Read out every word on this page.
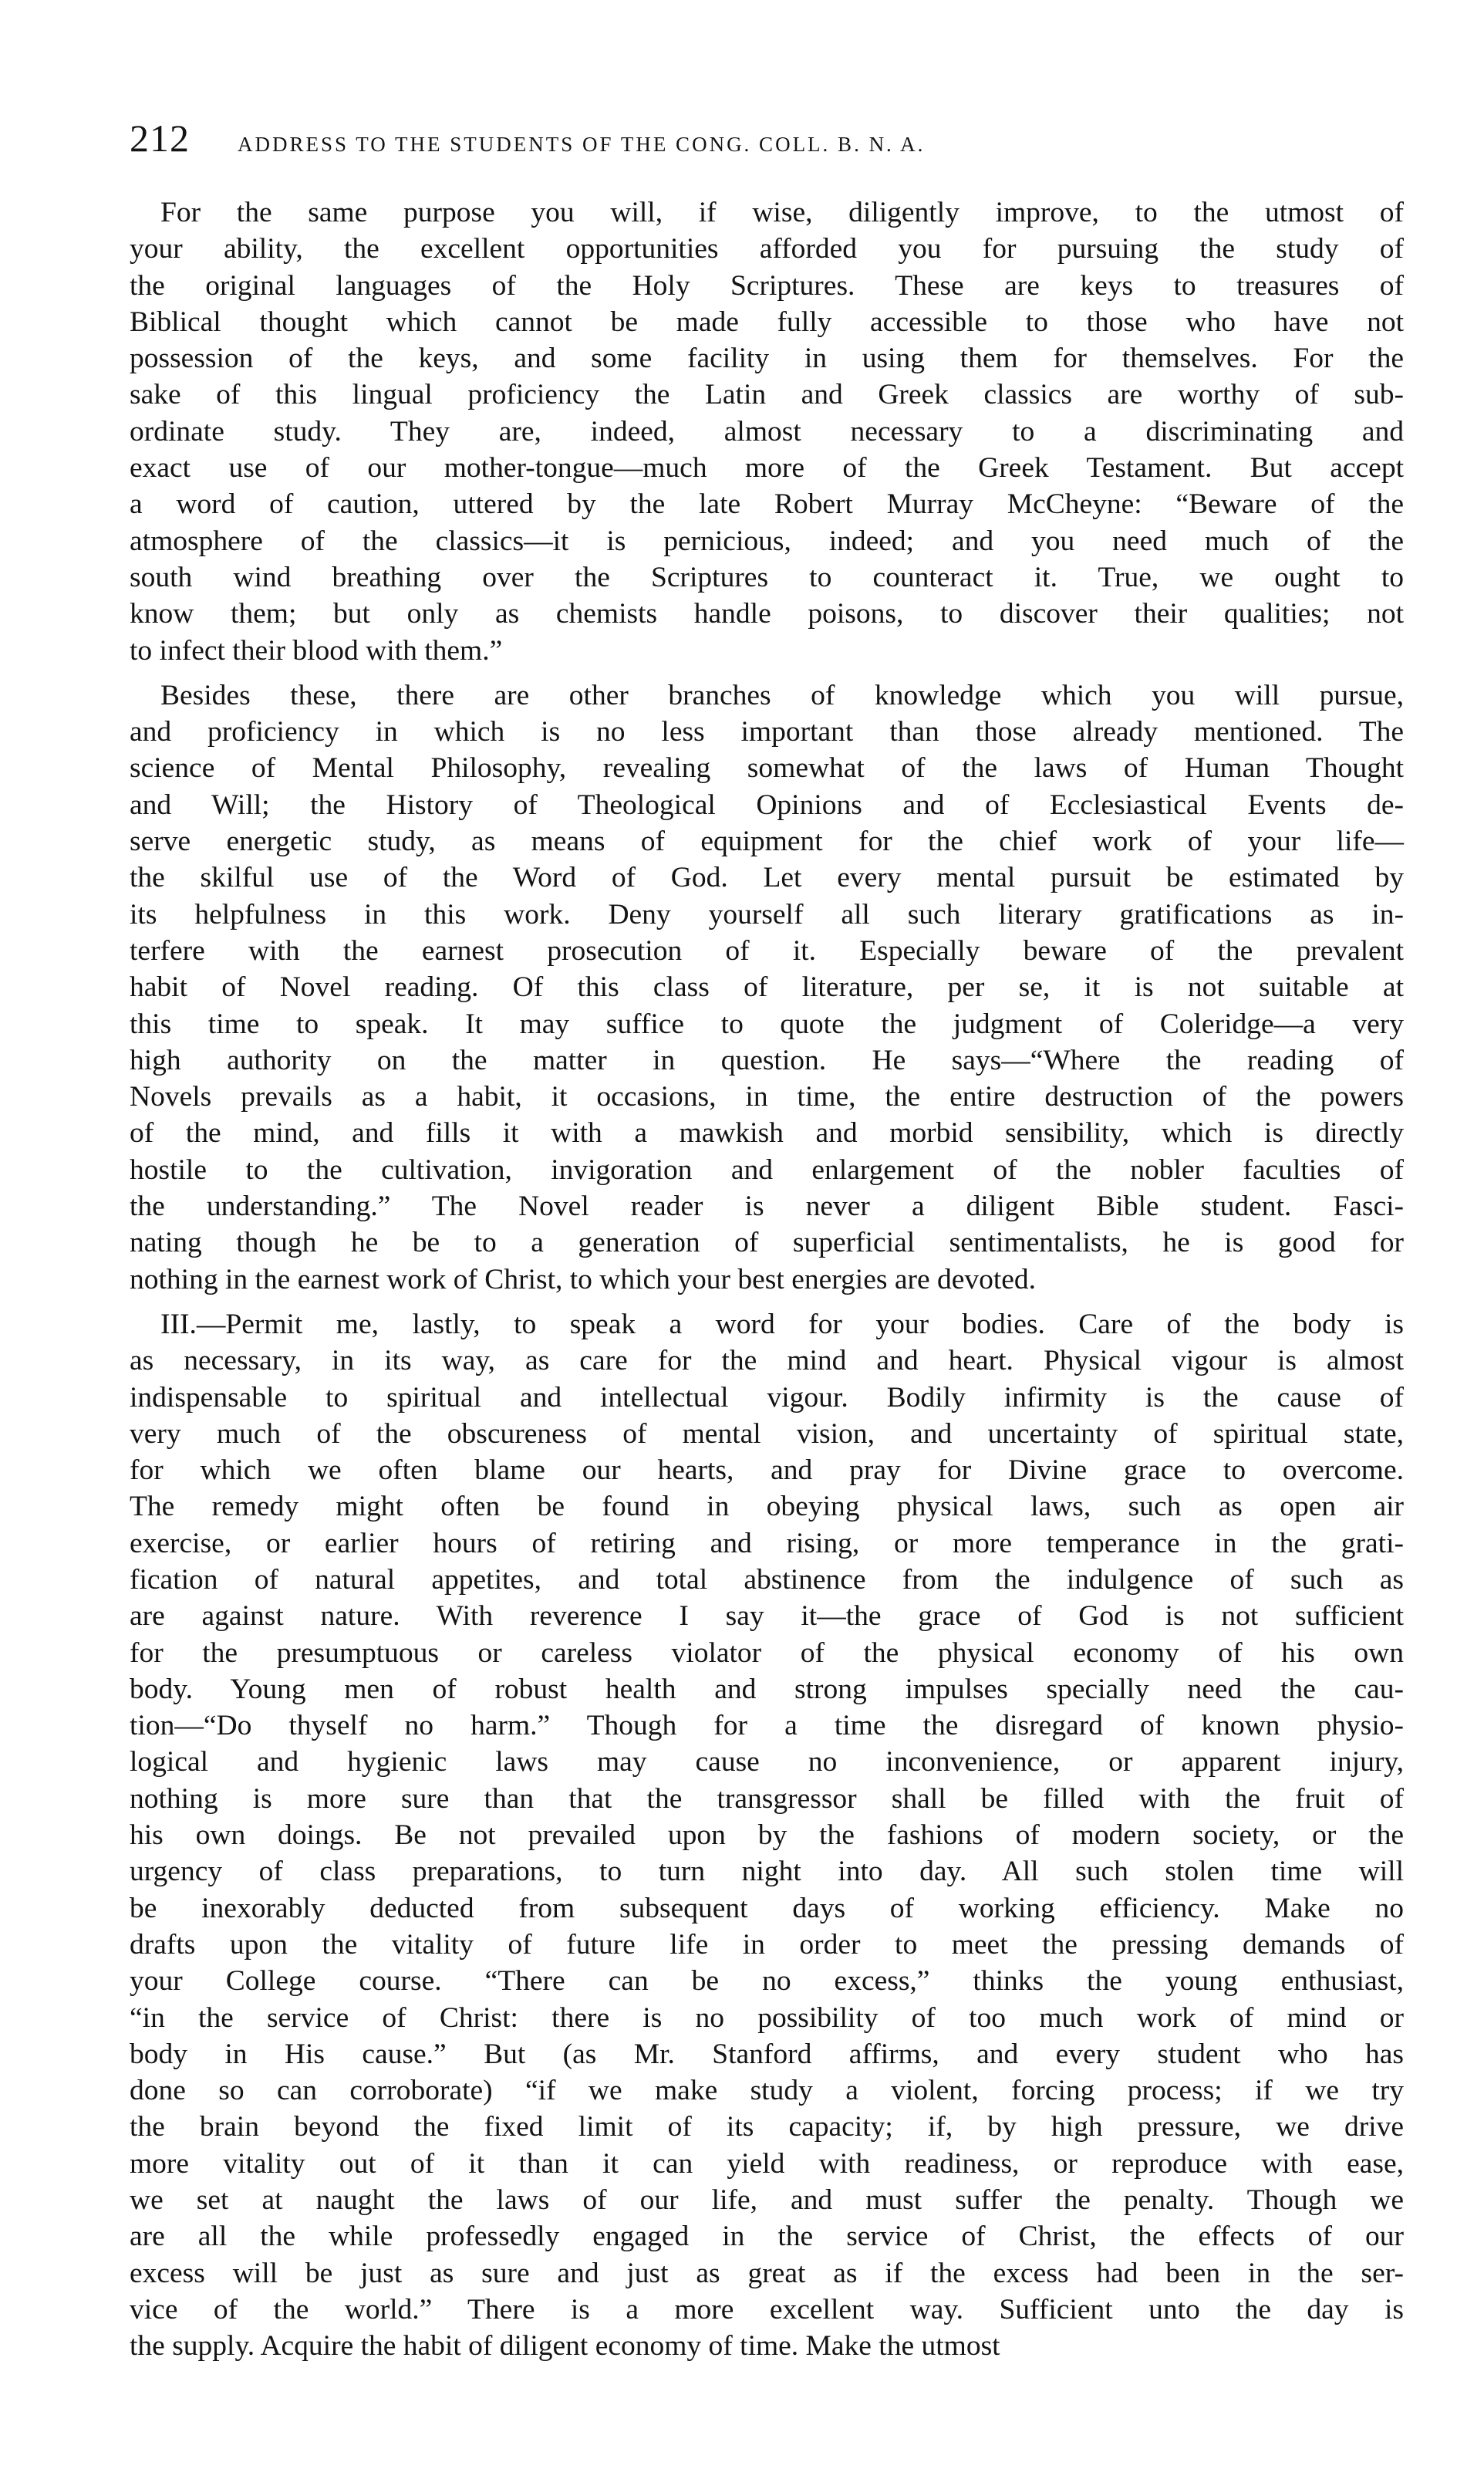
212 ADDRESS TO THE STUDENTS OF THE CONG. COLL. B. N. A.

For the same purpose you will, if wise, diligently improve, to the utmost of
your ability, the excellent opportunities afforded you for pursuing the study of
the original languages of the Holy Scriptures. These are keys to treasures of
Biblical thought which cannot be made fully accessible to those who have not
possession of the keys, and some facility in using them for themselves. For the
sake of this lingual proficiency the Latin and Greek classics are worthy of sub-
ordinate study. They are, indeed, almost necessary to a discriminating and
exact use of our mother-tongue—much more of the Greek Testament. But accept
a word of caution, uttered by the late Robert Murray McCheyne: “Beware of the
atmosphere of the classics—it is pernicious, indeed; and you need much of the
south wind breathing over the Scriptures to counteract it. True, we ought to
know them; but only as chemists handle poisons, to discover their qualities; not
to infect their blood with them.”

Besides these, there are other branches of knowledge which you will pursue,
and proficiency in which is no less important than those already mentioned. The
science of Mental Philosophy, revealing somewhat of the laws of Human Thought
and Will; the History of Theological Opinions and of Ecclesiastical Events de-
serve energetic study, as means of equipment for the chief work of your life—
the skilful use of the Word of God. Let every mental pursuit be estimated by
its helpfulness in this work. Deny yourself all such literary gratifications as in-
terfere with the earnest prosecution of it. Especially beware of the prevalent
habit of Novel reading. Of this class of literature, per se, it is not suitable at
this time to speak. It may suffice to quote the judgment of Coleridge—a very
high authority on the matter in question. He says—“Where the reading of
Novels prevails as a habit, it occasions, in time, the entire destruction of the powers
of the mind, and fills it with a mawkish and morbid sensibility, which is directly
hostile to the cultivation, invigoration and enlargement of the nobler faculties of
the understanding.” The Novel reader is never a diligent Bible student. Fasci-
nating though he be to a generation of superficial sentimentalists, he is good for
nothing in the earnest work of Christ, to which your best energies are devoted.

III.—Permit me, lastly, to speak a word for your bodies. Care of the body is
as necessary, in its way, as care for the mind and heart. Physical vigour is almost
indispensable to spiritual and intellectual vigour. Bodily infirmity is the cause of
very much of the obscureness of mental vision, and uncertainty of spiritual state,
for which we often blame our hearts, and pray for Divine grace to overcome.
The remedy might often be found in obeying physical laws, such as open air
exercise, or earlier hours of retiring and rising, or more temperance in the grati-
fication of natural appetites, and total abstinence from the indulgence of such as
are against nature. With reverence I say it—the grace of God is not sufficient
for the presumptuous or careless violator of the physical economy of his own
body. Young men of robust health and strong impulses specially need the cau-
tion—“Do thyself no harm.” Though for a time the disregard of known physio-
logical and hygienic laws may cause no inconvenience, or apparent injury,
nothing is more sure than that the transgressor shall be filled with the fruit of
his own doings. Be not prevailed upon by the fashions of modern society, or the
urgency of class preparations, to turn night into day. All such stolen time will
be inexorably deducted from subsequent days of working efficiency. Make no
drafts upon the vitality of future life in order to meet the pressing demands of
your College course. “There can be no excess,” thinks the young enthusiast,
“in the service of Christ: there is no possibility of too much work of mind or
body in His cause.” But (as Mr. Stanford affirms, and every student who has
done so can corroborate) “if we make study a violent, forcing process; if we try
the brain beyond the fixed limit of its capacity; if, by high pressure, we drive
more vitality out of it than it can yield with readiness, or reproduce with ease,
we set at naught the laws of our life, and must suffer the penalty. Though we
are all the while professedly engaged in the service of Christ, the effects of our
excess will be just as sure and just as great as if the excess had been in the ser-
vice of the world.” There is a more excellent way. Sufficient unto the day is
the supply. Acquire the habit of diligent economy of time. Make the utmost
